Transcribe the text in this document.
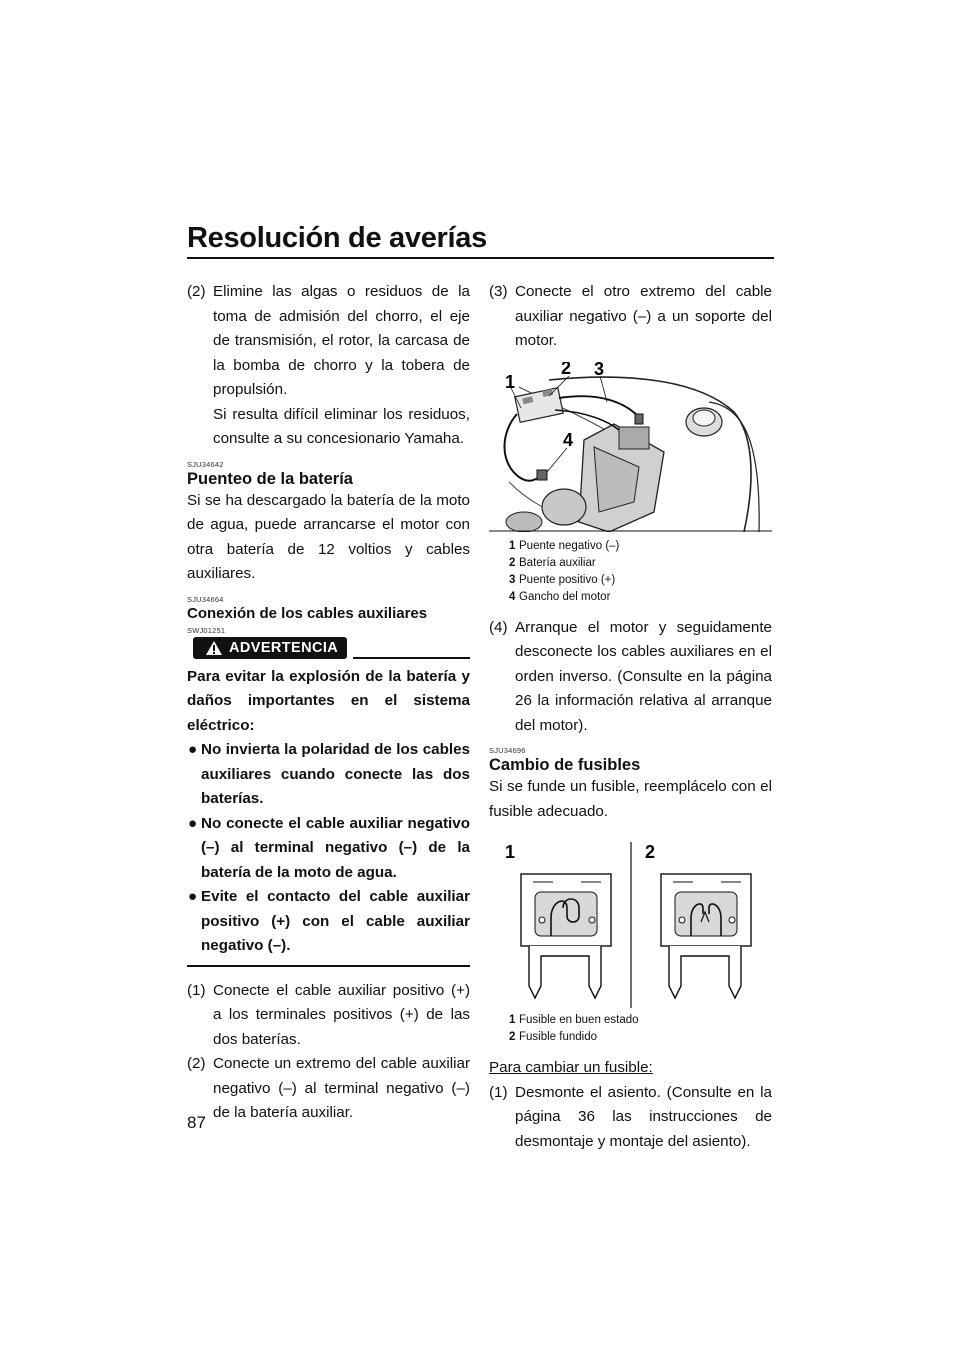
Resolución de averías
(2) Elimine las algas o residuos de la toma de admisión del chorro, el eje de transmisión, el rotor, la carcasa de la bomba de chorro y la tobera de propulsión.

Si resulta difícil eliminar los residuos, consulte a su concesionario Yamaha.

SJU34642
Puenteo de la batería
Si se ha descargado la batería de la moto de agua, puede arrancarse el motor con otra batería de 12 voltios y cables auxiliares.
SJU34664
Conexión de los cables auxiliares
SWJ01251
ADVERTENCIA
Para evitar la explosión de la batería y daños importantes en el sistema eléctrico:
● No invierta la polaridad de los cables auxiliares cuando conecte las dos baterías.
● No conecte el cable auxiliar negativo (–) al terminal negativo (–) de la batería de la moto de agua.
● Evite el contacto del cable auxiliar positivo (+) con el cable auxiliar negativo (–).
(1) Conecte el cable auxiliar positivo (+) a los terminales positivos (+) de las dos baterías.

(2) Conecte un extremo del cable auxiliar negativo (–) al terminal negativo (–) de la batería auxiliar.

(3) Conecte el otro extremo del cable auxiliar negativo (–) a un soporte del motor.

1
2 3
4
1 Puente negativo (–)
2 Batería auxiliar
3 Puente positivo (+)
4 Gancho del motor
(4) Arranque el motor y seguidamente desconecte los cables auxiliares en el orden inverso. (Consulte en la página 26 la información relativa al arranque del motor).

SJU34696
Cambio de fusibles
Si se funde un fusible, reemplácelo con el fusible adecuado.
1	2
1 Fusible en buen estado
2 Fusible fundido
Para cambiar un fusible:
(1) Desmonte el asiento. (Consulte en la página 36 las instrucciones de desmontaje y montaje del asiento).

87
